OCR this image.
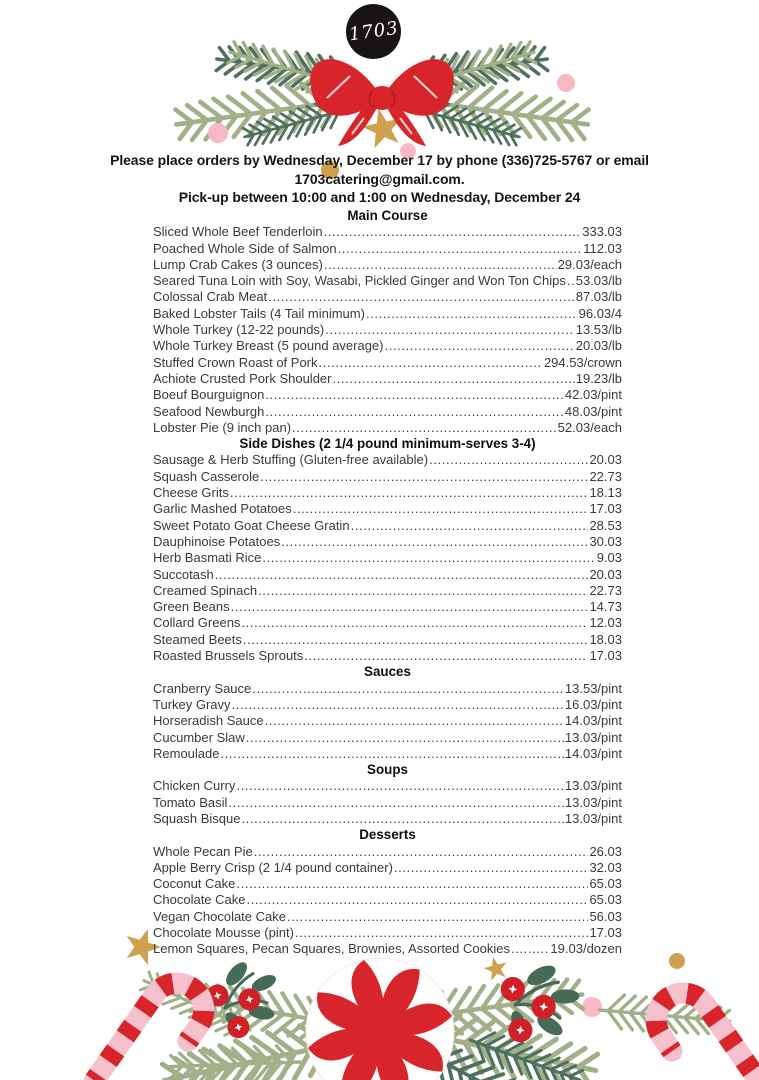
1703
Please place orders by Wednesday, December 17 by phone (336)725-5767 or email
1703catering@gmail.com.
Pick-up between 10:00 and 1:00 on Wednesday, December 24
Main Course
Sliced Whole Beef Tenderloin .....	333.03
Poached Whole Side of Salmon .....	112.03
Lump Crab Cakes (3 ounces) .....	29.03/each
Seared Tuna Loin with Soy, Wasabi, Pickled Ginger and Won Ton Chips ..... 53.03/lb
Colossal Crab Meat .....	87.03/lb
Baked Lobster Tails (4 Tail minimum) .....	96.03/4
Whole Turkey (12-22 pounds) .....	13.53/lb
Whole Turkey Breast (5 pound average) .....	20.03/lb
Stuffed Crown Roast of Pork .....	294.53/crown
Achiote Crusted Pork Shoulder .....	19.23/lb
Boeuf Bourguignon .....	42.03/pint
Seafood Newburgh .....	48.03/pint
Lobster Pie (9 inch pan) .....	52.03/each
Side Dishes (2 1/4 pound minimum-serves 3-4)
Sausage & Herb Stuffing (Gluten-free available) .....	20.03
Squash Casserole .....	22.73
Cheese Grits .....	18.13
Garlic Mashed Potatoes .....	17.03
Sweet Potato Goat Cheese Gratin .....	28.53
Dauphinoise Potatoes .....	30.03
Herb Basmati Rice .....	9.03
Succotash .....	20.03
Creamed Spinach .....	22.73
Green Beans .....	14.73
Collard Greens .....	12.03
Steamed Beets .....	18.03
Roasted Brussels Sprouts .....	17.03
Sauces
Cranberry Sauce .....	13.53/pint
Turkey Gravy .....	16.03/pint
Horseradish Sauce .....	14.03/pint
Cucumber Slaw .....	13.03/pint
Remoulade .....	14.03/pint
Soups
Chicken Curry .....	13.03/pint
Tomato Basil .....	13.03/pint
Squash Bisque .....	13.03/pint
Desserts
Whole Pecan Pie .....	26.03
Apple Berry Crisp (2 1/4 pound container) .....	32.03
Coconut Cake .....	65.03
Chocolate Cake .....	65.03
Vegan Chocolate Cake .....	56.03
Chocolate Mousse (pint) .....	17.03
Lemon Squares, Pecan Squares, Brownies, Assorted Cookies .....	19.03/dozen
